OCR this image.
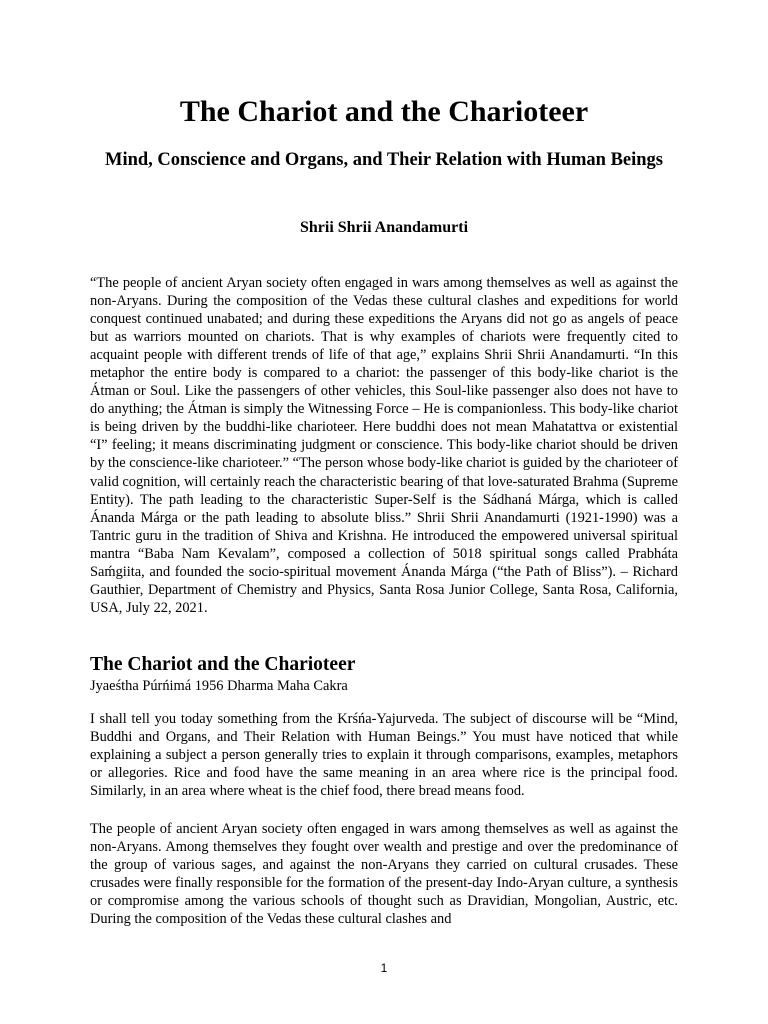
The Chariot and the Charioteer
Mind, Conscience and Organs, and Their Relation with Human Beings

Shrii Shrii Anandamurti

“The people of ancient Aryan society often engaged in wars among themselves as well as against the non-Aryans. During the composition of the Vedas these cultural clashes and expeditions for world conquest continued unabated; and during these expeditions the Aryans did not go as angels of peace but as warriors mounted on chariots. That is why examples of chariots were frequently cited to acquaint people with different trends of life of that age,” explains Shrii Shrii Anandamurti. “In this metaphor the entire body is compared to a chariot: the passenger of this body-like chariot is the Átman or Soul. Like the passengers of other vehicles, this Soul-like passenger also does not have to do anything; the Átman is simply the Witnessing Force – He is companionless. This body-like chariot is being driven by the buddhi-like charioteer. Here buddhi does not mean Mahatattva or existential “I” feeling; it means discriminating judgment or conscience. This body-like chariot should be driven by the conscience-like charioteer.” “The person whose body-like chariot is guided by the charioteer of valid cognition, will certainly reach the characteristic bearing of that love-saturated Brahma (Supreme Entity). The path leading to the characteristic Super-Self is the Sádhaná Márga, which is called Ánanda Márga or the path leading to absolute bliss.” Shrii Shrii Anandamurti (1921-1990) was a Tantric guru in the tradition of Shiva and Krishna. He introduced the empowered universal spiritual mantra “Baba Nam Kevalam”, composed a collection of 5018 spiritual songs called Prabháta Saḿgiita, and founded the socio-spiritual movement Ánanda Márga (“the Path of Bliss”). – Richard Gauthier, Department of Chemistry and Physics, Santa Rosa Junior College, Santa Rosa, California, USA, July 22, 2021.

The Chariot and the Charioteer

Jyaeśtha Púrńimá 1956 Dharma Maha Cakra

I shall tell you today something from the Krśńa-Yajurveda. The subject of discourse will be “Mind, Buddhi and Organs, and Their Relation with Human Beings.” You must have noticed that while explaining a subject a person generally tries to explain it through comparisons, examples, metaphors or allegories. Rice and food have the same meaning in an area where rice is the principal food. Similarly, in an area where wheat is the chief food, there bread means food.

The people of ancient Aryan society often engaged in wars among themselves as well as against the non-Aryans. Among themselves they fought over wealth and prestige and over the predominance of the group of various sages, and against the non-Aryans they carried on cultural crusades. These crusades were finally responsible for the formation of the present-day Indo-Aryan culture, a synthesis or compromise among the various schools of thought such as Dravidian, Mongolian, Austric, etc. During the composition of the Vedas these cultural clashes and

1
